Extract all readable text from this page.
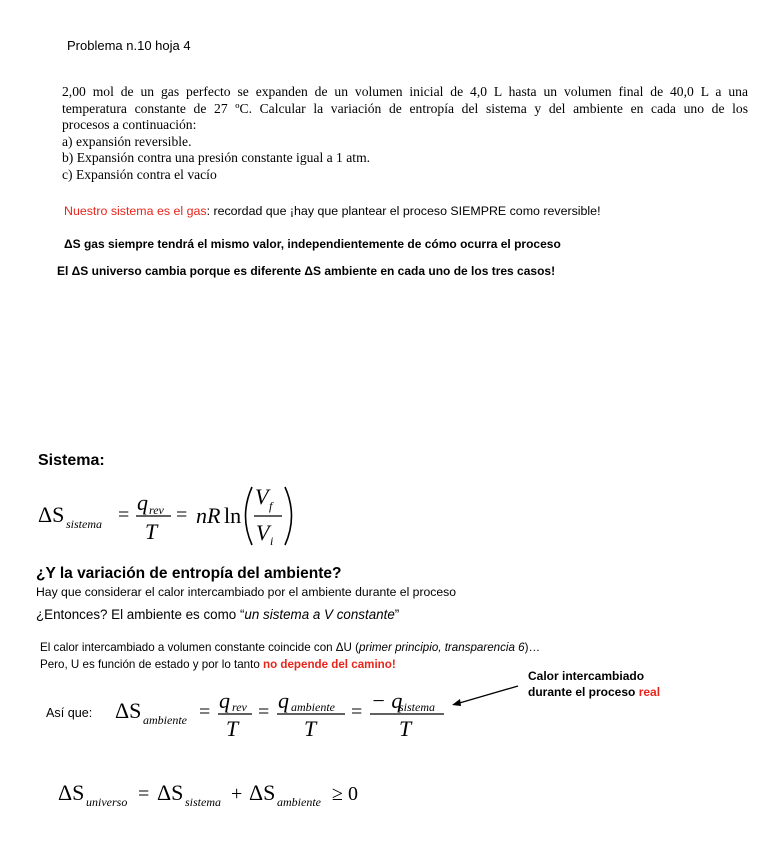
Problema n.10 hoja 4
2,00 mol de un gas perfecto se expanden de un volumen inicial de 4,0 L hasta un volumen final de 40,0 L a una
temperatura constante de 27 ºC. Calcular la variación de entropía del sistema y del ambiente en cada uno de los
procesos a continuación:
a) expansión reversible.
b) Expansión contra una presión constante igual a 1 atm.
c) Expansión contra el vacío
Nuestro sistema es el gas: recordad que ¡hay que plantear el proceso SIEMPRE como reversible!
ΔS gas siempre tendrá el mismo valor, independientemente de cómo ocurra el proceso
El ΔS universo cambia porque es diferente ΔS ambiente en cada uno de los tres casos!
Sistema:
ΔS sistema = q rev
T
= nR ln
V f
V i
¿Y la variación de entropía del ambiente?
Hay que considerar el calor intercambiado por el ambiente durante el proceso
¿Entonces? El ambiente es como “un sistema a V constante”
El calor intercambiado a volumen constante coincide con ΔU (primer principio, transparencia 6)…
Pero, U es función de estado y por lo tanto no depende del camino!
Calor intercambiado
durante el proceso real
Así que: ΔS ambiente = q rev
T
= q ambiente
T
= − q
sistema
T
ΔS universo = ΔS sistema + ΔS ambiente ≥ 0
